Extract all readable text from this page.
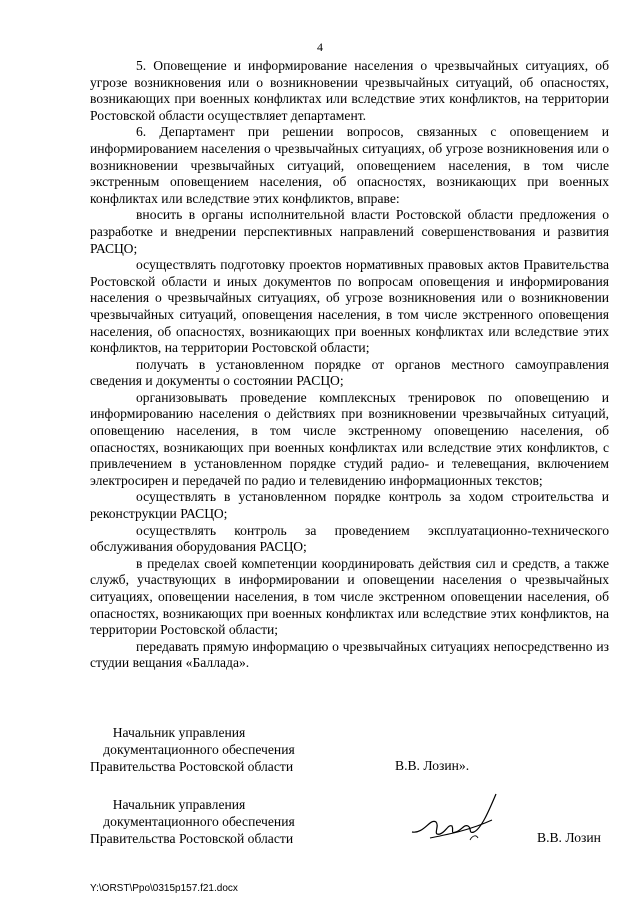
4

5. Оповещение и информирование населения о чрезвычайных ситуациях, об угрозе возникновения или о возникновении чрезвычайных ситуаций, об опасностях, возникающих при военных конфликтах или вследствие этих конфликтов, на территории Ростовской области осуществляет департамент.

6. Департамент при решении вопросов, связанных с оповещением и информированием населения о чрезвычайных ситуациях, об угрозе возникновения или о возникновении чрезвычайных ситуаций, оповещением населения, в том числе экстренным оповещением населения, об опасностях, возникающих при военных конфликтах или вследствие этих конфликтов, вправе:

вносить в органы исполнительной власти Ростовской области предложения о разработке и внедрении перспективных направлений совершенствования и развития РАСЦО;

осуществлять подготовку проектов нормативных правовых актов Правительства Ростовской области и иных документов по вопросам оповещения и информирования населения о чрезвычайных ситуациях, об угрозе возникновения или о возникновении чрезвычайных ситуаций, оповещения населения, в том числе экстренного оповещения населения, об опасностях, возникающих при военных конфликтах или вследствие этих конфликтов, на территории Ростовской области;

получать в установленном порядке от органов местного самоуправления сведения и документы о состоянии РАСЦО;

организовывать проведение комплексных тренировок по оповещению и информированию населения о действиях при возникновении чрезвычайных ситуаций, оповещению населения, в том числе экстренному оповещению населения, об опасностях, возникающих при военных конфликтах или вследствие этих конфликтов, с привлечением в установленном порядке студий радио- и телевещания, включением электросирен и передачей по радио и телевидению информационных текстов;

осуществлять в установленном порядке контроль за ходом строительства и реконструкции РАСЦО;

осуществлять контроль за проведением эксплуатационно-технического обслуживания оборудования РАСЦО;

в пределах своей компетенции координировать действия сил и средств, а также служб, участвующих в информировании и оповещении населения о чрезвычайных ситуациях, оповещении населения, в том числе экстренном оповещении населения, об опасностях, возникающих при военных конфликтах или вследствие этих конфликтов, на территории Ростовской области;

передавать прямую информацию о чрезвычайных ситуациях непосредственно из студии вещания «Баллада».

Начальник управления
документационного обеспечения
Правительства Ростовской области	В.В. Лозин».
Начальник управления
документационного обеспечения
Правительства Ростовской области	В.В. Лозин
Y:\ORST\Ppo\0315p157.f21.docx
